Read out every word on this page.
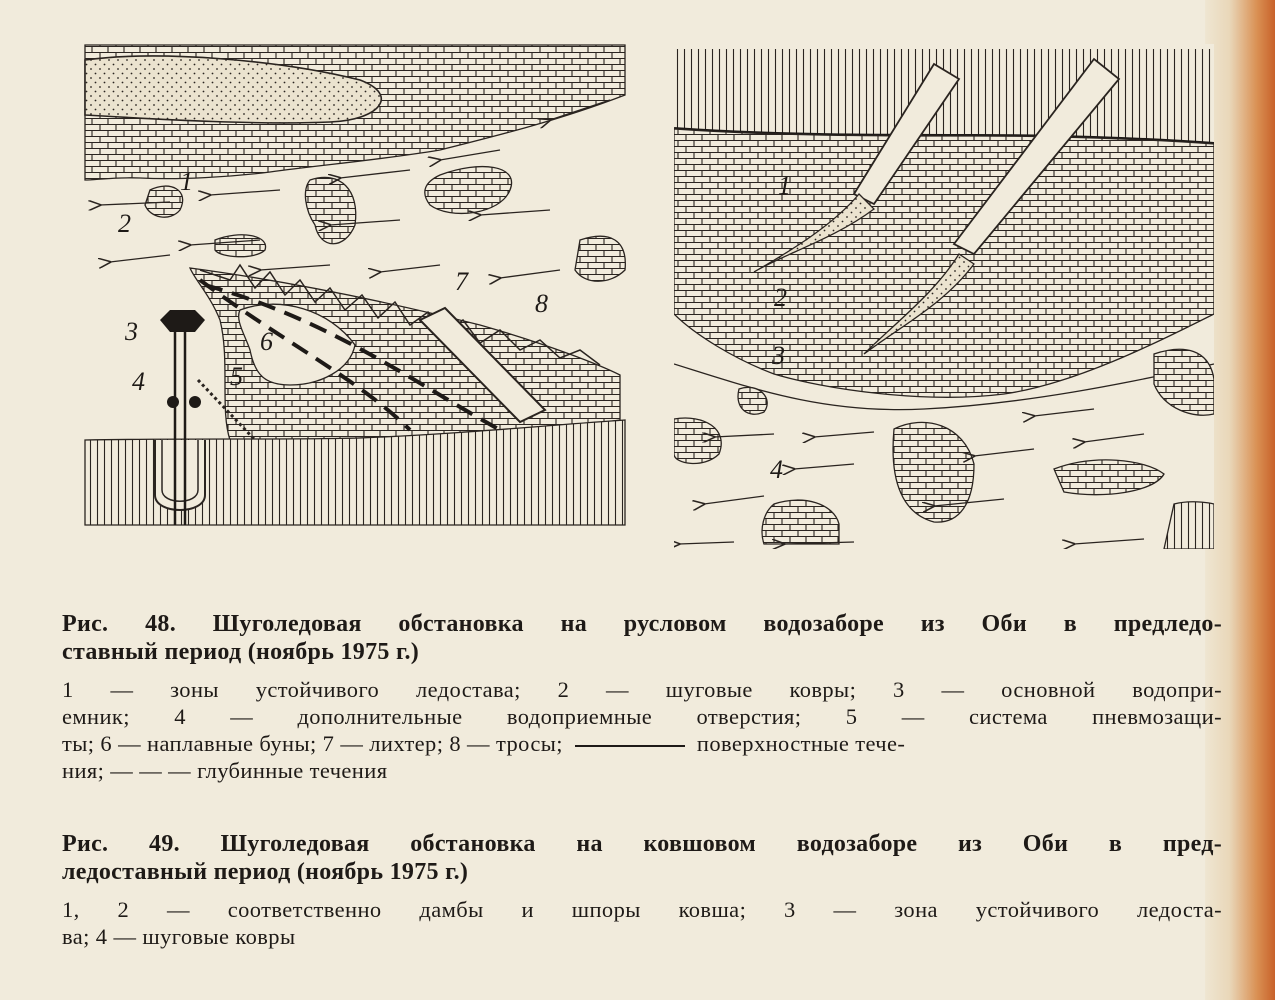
1
2
3
4	5
6
7
8
1
2
3
4
Рис. 48. Шуголедовая обстановка на русловом водозаборе из Оби в предледо-
ставный период (ноябрь 1975 г.)
1 — зоны устойчивого ледостава; 2 — шуговые ковры; 3 — основной водопри-
емник; 4 — дополнительные водоприемные отверстия; 5 — система пневмозащи-
ты; 6 — наплавные буны; 7 — лихтер; 8 — тросы;	поверхностные тече-
ния; — — — глубинные течения
Рис. 49. Шуголедовая обстановка на ковшовом водозаборе из Оби в пред-
ледоставный период (ноябрь 1975 г.)
1, 2 — соответственно дамбы и шпоры ковша; 3 — зона устойчивого ледоста-
ва; 4 — шуговые ковры
